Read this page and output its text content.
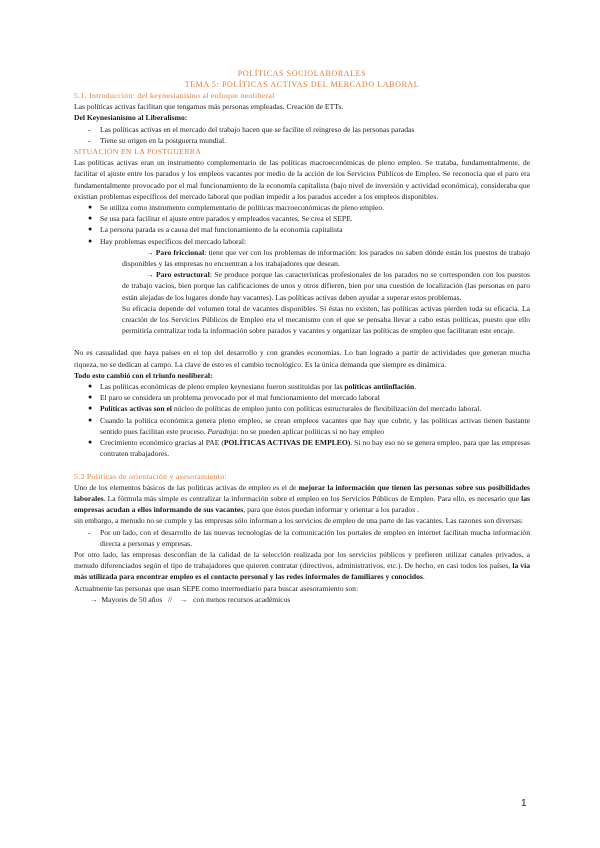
POLÍTICAS SOCIOLABORALES
TEMA 5: POLÍTICAS ACTIVAS DEL MERCADO LABORAL
5.1. Introducción: del keynesianismo al enfoque neoliberal

Las políticas activas facilitan que tengamos más personas empleadas. Creación de ETTs.

Del Keynesianismo al Liberalismo:

- Las políticas activas en el mercado del trabajo hacen que se facilite el reingreso de las personas paradas
- Tiene su origen en la postguerra mundial.
SITUACIÓN EN LA POSTGUERRA

Las políticas activas eran un instrumento complementario de las políticas macroeconómicas de pleno empleo. Se trataba, fundamentalmente, de facilitar el ajuste entre los parados y los empleos vacantes por medio de la acción de los Servicios Públicos de Empleo. Se reconocía que el paro era fundamentalmente provocado por el mal funcionamiento de la economía capitalista (bajo nivel de inversión y actividad económica), consideraba que existían problemas específicos del mercado laboral que podían impedir a los parados acceder a los empleos disponibles.

● Se utiliza como instrumento complementario de políticas macroeconómicas de pleno empleo.
● Se usa para facilitar el ajuste entre parados y empleados vacantes. Se crea el SEPE.
● La persona parada es a causa del mal funcionamiento de la economía capitalista
● Hay problemas específicos del mercado laboral:

→ Paro friccional: tiene que ver con los problemas de información: los parados no saben dónde están los puestos de trabajo disponibles y las empresas no encuentran a los trabajadores que desean.

→ Paro estructural: Se produce porque las características profesionales de los parados no se corresponden con los puestos de trabajo vacíos, bien porque las calificaciones de unos y otros difieren, bien por una cuestión de localización (las personas en paro están alejadas de los lugares donde hay vacantes). Las políticas activas deben ayudar a superar estos problemas.

Su eficacia depende del volumen total de vacantes disponibles. Si éstas no existen, las políticas activas pierden toda su eficacia. La creación de los Servicios Públicos de Empleo era el mecanismo con el que se pensaba llevar a cabo estas políticas, puesto que ello permitiría centralizar toda la información sobre parados y vacantes y organizar las políticas de empleo que facilitaran este encaje.

No es casualidad que haya países en el top del desarrollo y con grandes economías. Lo han logrado a partir de actividades que generan mucha riqueza, no se dedican al campo. La clave de esto es el cambio tecnológico. Es la única demanda que siempre es dinámica.

Todo esto cambió con el triunfo neoliberal:

● Las políticas económicas de pleno empleo keynesiano fueron sustituidas por las políticas antiinflación.
● El paro se considera un problema provocado por el mal funcionamiento del mercado laboral
● Políticas activas son el núcleo de políticas de empleo junto con políticas estructurales de flexibilización del mercado laboral.
● Cuando la política económica genera pleno empleo, se crean empleos vacantes que hay que cubrir, y las políticas activas tienen bastante sentido pues facilitan este proceso. Paradoja: no se pueden aplicar políticas si no hay empleo
● Crecimiento económico gracias al PAE (POLÍTICAS ACTIVAS DE EMPLEO). Si no hay eso no se genera empleo, para que las empresas contraten trabajadores.
5.2 Políticas de orientación y asesoramiento:

Uno de los elementos básicos de las políticas activas de empleo es el de mejorar la información que tienen las personas sobre sus posibilidades laborales. La fórmula más simple es centralizar la información sobre el empleo en los Servicios Públicos de Empleo. Para ello, es necesario que las empresas acudan a ellos informando de sus vacantes, para que éstos puedan informar y orientar a los parados .

sin embargo, a menudo no se cumple y las empresas sólo informan a los servicios de empleo de una parte de las vacantes. Las razones son diversas:

- Por un lado, con el desarrollo de las nuevas tecnologías de la comunicación los portales de empleo en internet facilitan mucha información directa a personas y empresas.

Por otro lado, las empresas desconfían de la calidad de la selección realizada por los servicios públicos y prefieren utilizar canales privados, a menudo diferenciados según el tipo de trabajadores que quieren contratar (directivos, administrativos, etc.). De hecho, en casi todos los países, la vía más utilizada para encontrar empleo es el contacto personal y las redes informales de familiares y conocidos.

Actualmente las personas que usan SEPE como intermediario para buscar asesoramiento son:

→ Mayores de 50 años // → con menos recursos académicos

1
